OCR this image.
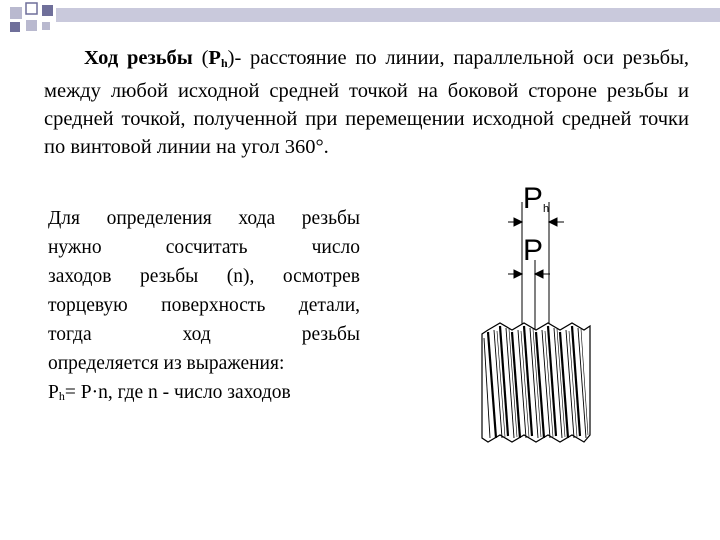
Ход резьбы $(P_h)-$ расстояние по линии, параллельной оси резьбы, между любой исходной средней точкой на боковой стороне резьбы и средней точкой, полученной при перемещении исходной средней точки по винтовой линии на угол 360°.
Для определения хода резьбы
нужно сосчитать число
заходов резьбы (n), осмотрев
торцевую поверхность детали,
тогда ход резьбы
определяется из выражения:
$P_h= P\cdot n$, где n - число заходов
Ph
P
